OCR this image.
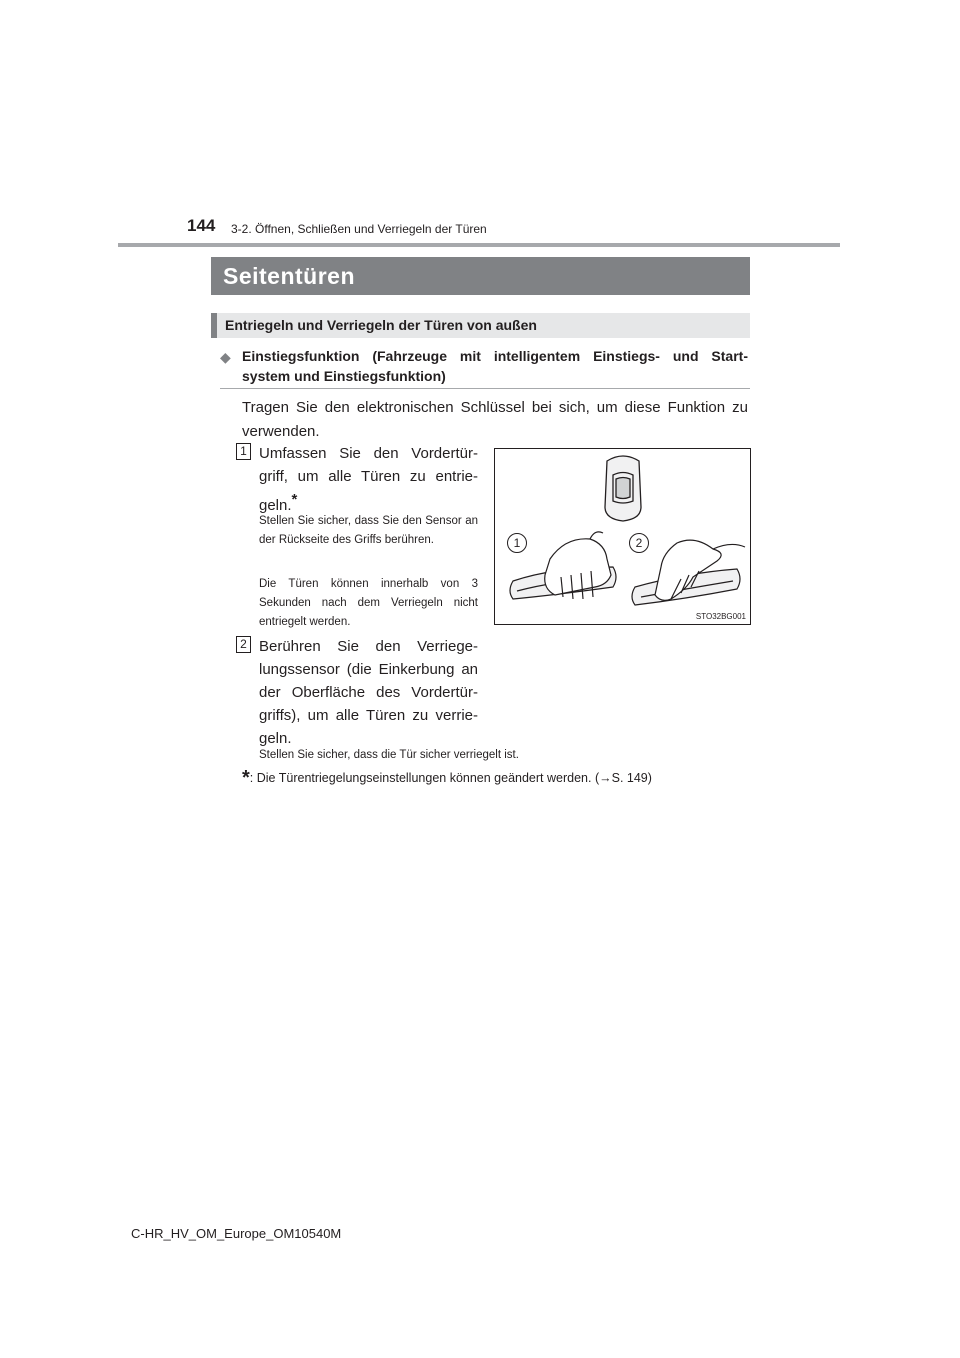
144 3-2. Öffnen, Schließen und Verriegeln der Türen
Seitentüren
Entriegeln und Verriegeln der Türen von außen
◆ Einstiegsfunktion (Fahrzeuge mit intelligentem Einstiegs- und Start-
system und Einstiegsfunktion)
Tragen Sie den elektronischen Schlüssel bei sich, um diese Funktion zu verwenden.
1 Umfassen Sie den Vordertür-griff, um alle Türen zu entrie-geln.*
Stellen Sie sicher, dass Sie den Sensor an der Rückseite des Griffs berühren.
Die Türen können innerhalb von 3 Sekunden nach dem Verriegeln nicht entriegelt werden.
2 Berühren Sie den Verriege-lungssensor (die Einkerbung an der Oberfläche des Vordertür-griffs), um alle Türen zu verrie-geln.
Stellen Sie sicher, dass die Tür sicher verriegelt ist.
*: Die Türentriegelungseinstellungen können geändert werden. (→S. 149)
1	2
STO32BG001
C-HR_HV_OM_Europe_OM10540M
